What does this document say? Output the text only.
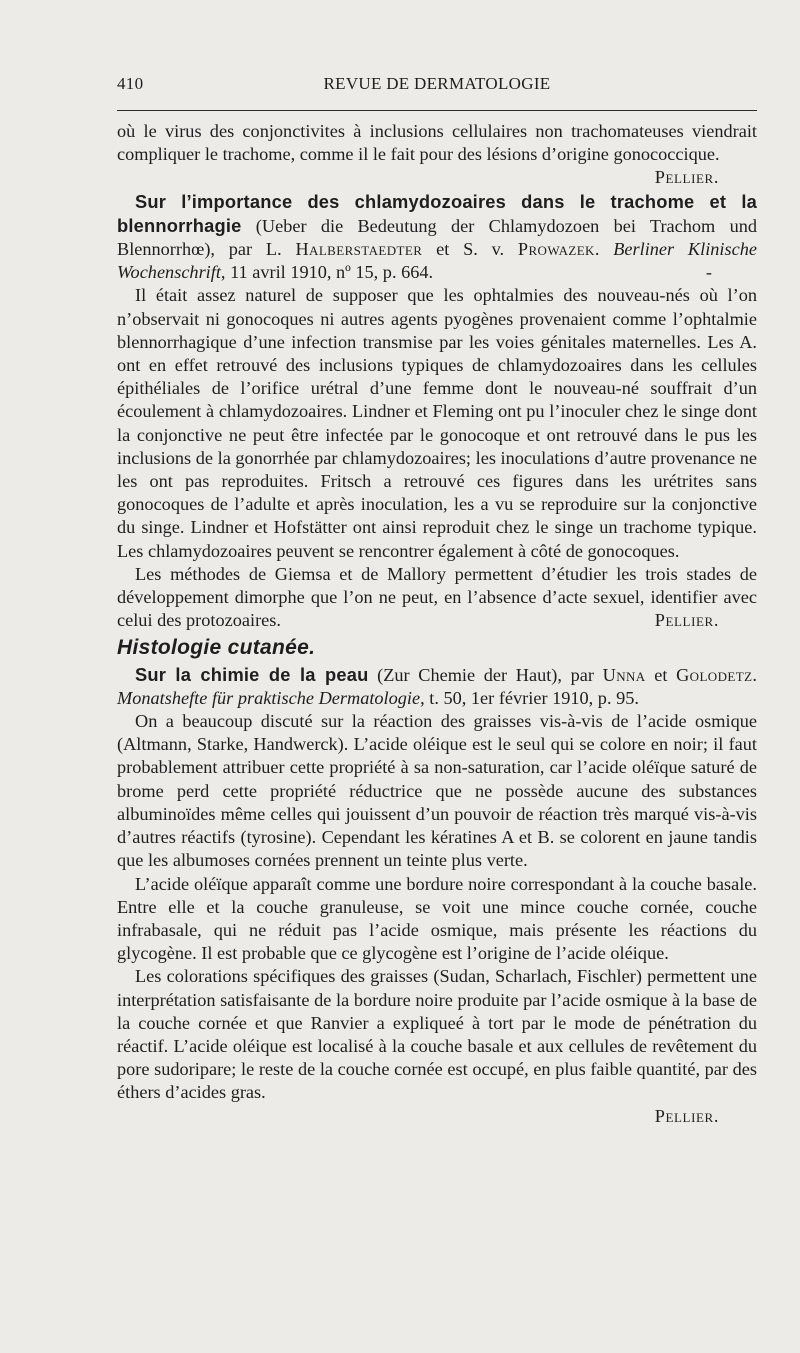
410	REVUE DE DERMATOLOGIE

où le virus des conjonctivites à inclusions cellulaires non trachomateuses viendrait compliquer le trachome, comme il le fait pour des lésions d’origine gonococcique.
Pellier.

Sur l’importance des chlamydozoaires dans le trachome et la blennorrhagie (Ueber die Bedeutung der Chlamydozoen bei Trachom und Blennorrhœ), par L. Halberstaedter et S. v. Prowazek. Berliner Klinische Wochenschrift, 11 avril 1910, nº 15, p. 664.	-

Il était assez naturel de supposer que les ophtalmies des nouveau-nés où l’on n’observait ni gonocoques ni autres agents pyogènes provenaient comme l’ophtalmie blennorrhagique d’une infection transmise par les voies génitales maternelles. Les A. ont en effet retrouvé des inclusions typiques de chlamydozoaires dans les cellules épithéliales de l’orifice urétral d’une femme dont le nouveau-né souffrait d’un écoulement à chlamydozoaires. Lindner et Fleming ont pu l’inoculer chez le singe dont la conjonctive ne peut être infectée par le gonocoque et ont retrouvé dans le pus les inclusions de la gonorrhée par chlamydozoaires; les inoculations d’autre provenance ne les ont pas reproduites. Fritsch a retrouvé ces figures dans les urétrites sans gonocoques de l’adulte et après inoculation, les a vu se reproduire sur la conjonctive du singe. Lindner et Hofstätter ont ainsi reproduit chez le singe un trachome typique. Les chlamydozoaires peuvent se rencontrer également à côté de gonocoques.

Les méthodes de Giemsa et de Mallory permettent d’étudier les trois stades de développement dimorphe que l’on ne peut, en l’absence d’acte sexuel, identifier avec celui des protozoaires.	Pellier.

Histologie cutanée.

Sur la chimie de la peau (Zur Chemie der Haut), par Unna et Golodetz. Monatshefte für praktische Dermatologie, t. 50, 1er février 1910, p. 95.

On a beaucoup discuté sur la réaction des graisses vis-à-vis de l’acide osmique (Altmann, Starke, Handwerck). L’acide oléique est le seul qui se colore en noir; il faut probablement attribuer cette propriété à sa non-saturation, car l’acide oléïque saturé de brome perd cette propriété réductrice que ne possède aucune des substances albuminoïdes même celles qui jouissent d’un pouvoir de réaction très marqué vis-à-vis d’autres réactifs (tyrosine). Cependant les kératines A et B. se colorent en jaune tandis que les albumoses cornées prennent un teinte plus verte.

L’acide oléïque apparaît comme une bordure noire correspondant à la couche basale. Entre elle et la couche granuleuse, se voit une mince couche cornée, couche infrabasale, qui ne réduit pas l’acide osmique, mais présente les réactions du glycogène. Il est probable que ce glycogène est l’origine de l’acide oléique.

Les colorations spécifiques des graisses (Sudan, Scharlach, Fischler) permettent une interprétation satisfaisante de la bordure noire produite par l’acide osmique à la base de la couche cornée et que Ranvier a expliqueé à tort par le mode de pénétration du réactif. L’acide oléique est localisé à la couche basale et aux cellules de revêtement du pore sudoripare; le reste de la couche cornée est occupé, en plus faible quantité, par des éthers d’acides gras.

Pellier.
